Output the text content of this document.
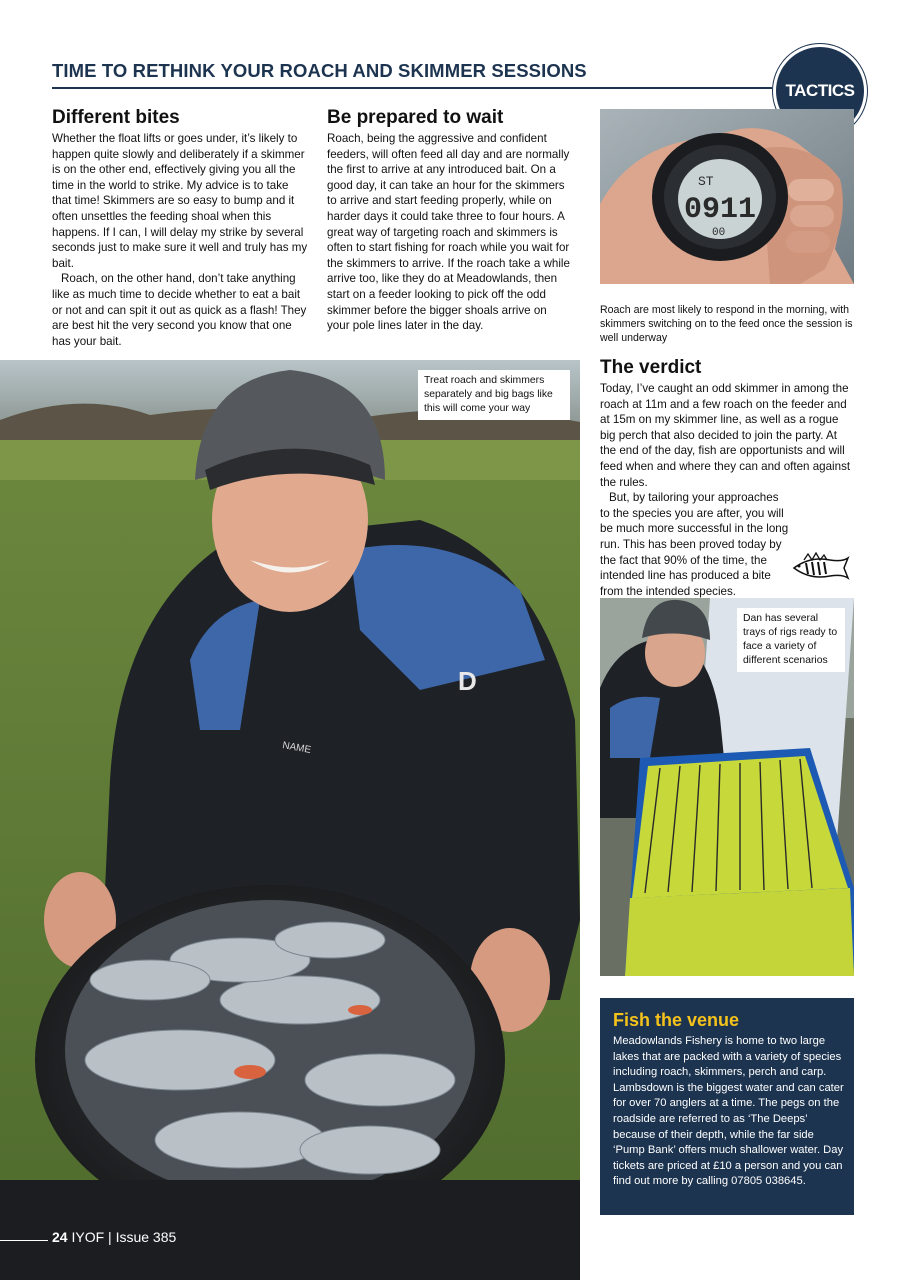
TIME TO RETHINK YOUR ROACH AND SKIMMER SESSIONS
TACTICS
Different bites

Whether the float lifts or goes under, it’s likely to happen quite slowly and deliberately if a skimmer is on the other end, effectively giving you all the time in the world to strike. My advice is to take that time! Skimmers are so easy to bump and it often unsettles the feeding shoal when this happens. If I can, I will delay my strike by several seconds just to make sure it well and truly has my bait.

Roach, on the other hand, don’t take anything like as much time to decide whether to eat a bait or not and can spit it out as quick as a flash! They are best hit the very second you know that one has your bait.

Be prepared to wait

Roach, being the aggressive and confident feeders, will often feed all day and are normally the first to arrive at any introduced bait. On a good day, it can take an hour for the skimmers to arrive and start feeding properly, while on harder days it could take three to four hours. A great way of targeting roach and skimmers is often to start fishing for roach while you wait for the skimmers to arrive. If the roach take a while arrive too, like they do at Meadowlands, then start on a feeder looking to pick off the odd skimmer before the bigger shoals arrive on your pole lines later in the day.

ST
0911
00
Roach are most likely to respond in the morning, with skimmers switching on to the feed once the session is well underway
D
NAME
Treat roach and skimmers separately and big bags like this will come your way
The verdict

Today, I’ve caught an odd skimmer in among the roach at 11m and a few roach on the feeder and at 15m on my skimmer line, as well as a rogue big perch that also decided to join the party. At the end of the day, fish are opportunists and will feed when and where they can and often against the rules.

But, by tailoring your approaches to the species you are after, you will be much more successful in the long run. This has been proved today by the fact that 90% of the time, the intended line has produced a bite from the intended species.

Dan has several trays of rigs ready to face a variety of different scenarios
Fish the venue
Meadowlands Fishery is home to two large lakes that are packed with a variety of species including roach, skimmers, perch and carp. Lambsdown is the biggest water and can cater for over 70 anglers at a time. The pegs on the roadside are referred to as ‘The Deeps’ because of their depth, while the far side ‘Pump Bank’ offers much shallower water. Day tickets are priced at £10 a person and you can find out more by calling 07805 038645.
24 IYOF | Issue 385
